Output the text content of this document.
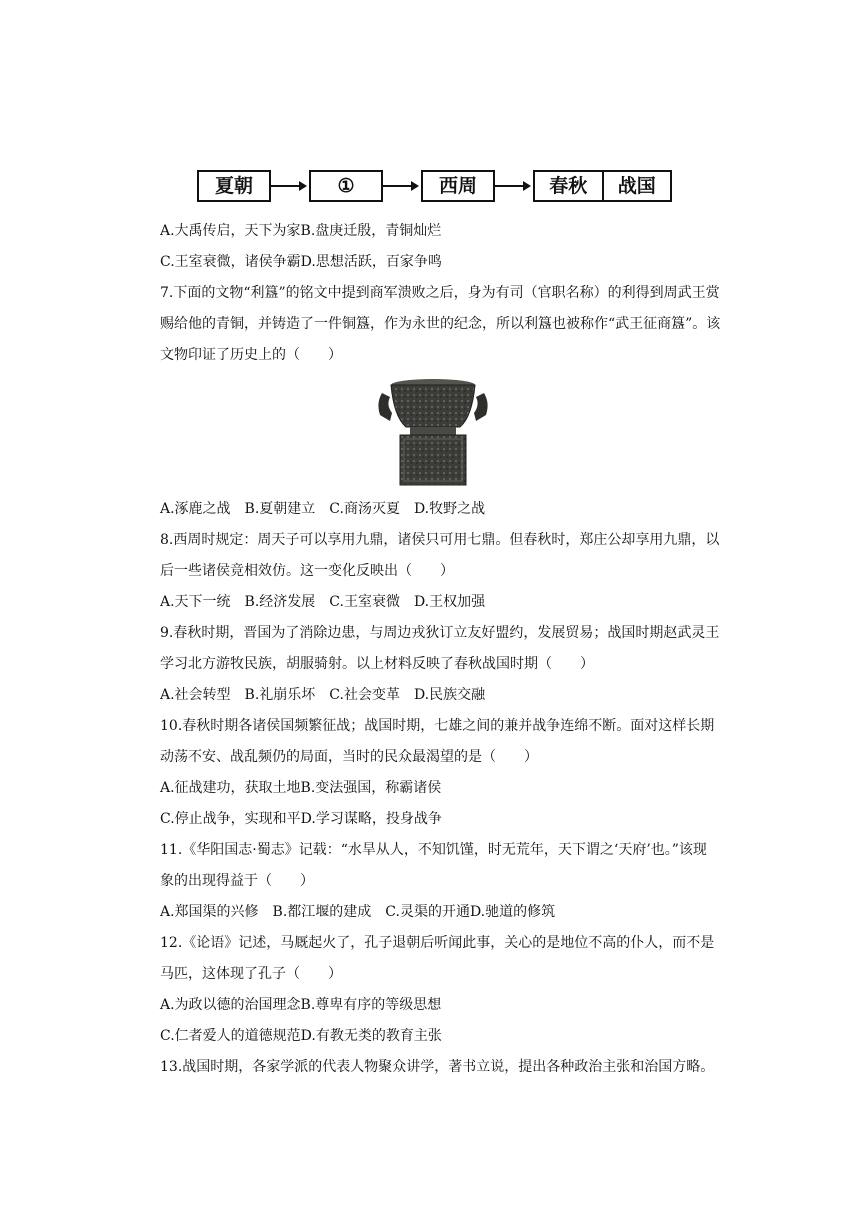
夏朝	①	西周	春秋	战国
A.大禹传启，天下为家B.盘庚迁殷，青铜灿烂
C.王室衰微，诸侯争霸D.思想活跃，百家争鸣
7.下面的文物“利簋”的铭文中提到商军溃败之后，身为有司（官职名称）的利得到周武王赏
赐给他的青铜，并铸造了一件铜簋，作为永世的纪念，所以利簋也被称作“武王征商簋”。该
文物印证了历史上的（　　）
A.涿鹿之战　B.夏朝建立　C.商汤灭夏　D.牧野之战
8.西周时规定：周天子可以享用九鼎，诸侯只可用七鼎。但春秋时，郑庄公却享用九鼎，以
后一些诸侯竞相效仿。这一变化反映出（　　）
A.天下一统　B.经济发展　C.王室衰微　D.王权加强
9.春秋时期，晋国为了消除边患，与周边戎狄订立友好盟约，发展贸易；战国时期赵武灵王
学习北方游牧民族，胡服骑射。以上材料反映了春秋战国时期（　　）
A.社会转型　B.礼崩乐坏　C.社会变革　D.民族交融
10.春秋时期各诸侯国频繁征战；战国时期，七雄之间的兼并战争连绵不断。面对这样长期
动荡不安、战乱频仍的局面，当时的民众最渴望的是（　　）
A.征战建功，获取土地B.变法强国，称霸诸侯
C.停止战争，实现和平D.学习谋略，投身战争
11.《华阳国志·蜀志》记载：“水旱从人，不知饥馑，时无荒年，天下谓之‘天府’也。”该现
象的出现得益于（　　）
A.郑国渠的兴修　B.都江堰的建成　C.灵渠的开通D.驰道的修筑
12.《论语》记述，马厩起火了，孔子退朝后听闻此事，关心的是地位不高的仆人，而不是
马匹，这体现了孔子（　　）
A.为政以德的治国理念B.尊卑有序的等级思想
C.仁者爱人的道德规范D.有教无类的教育主张
13.战国时期，各家学派的代表人物聚众讲学，著书立说，提出各种政治主张和治国方略。
